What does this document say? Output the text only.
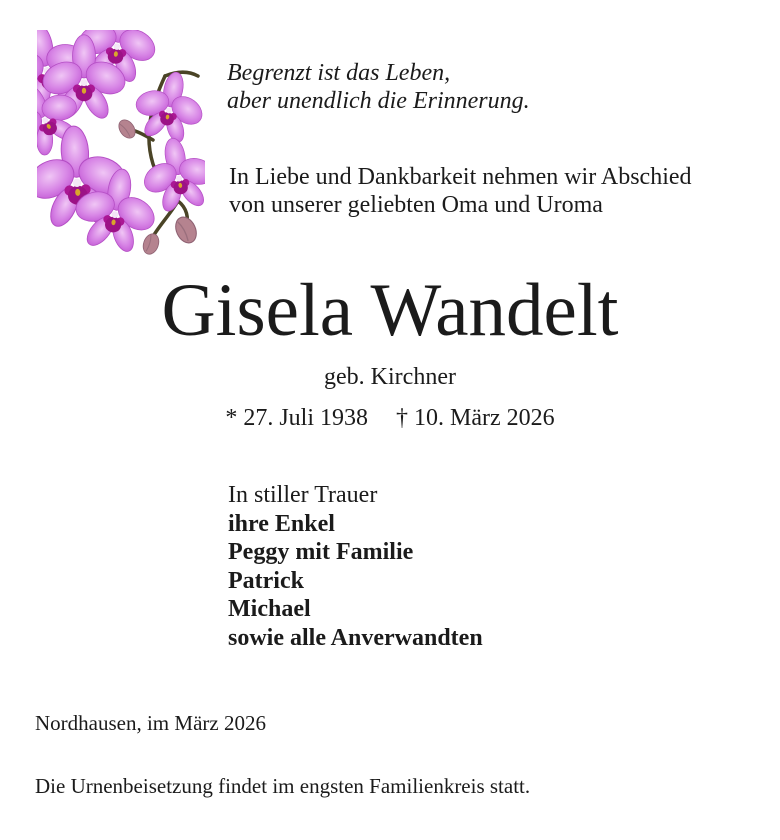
Begrenzt ist das Leben,
aber unendlich die Erinnerung.
In Liebe und Dankbarkeit nehmen wir Abschied
von unserer geliebten Oma und Uroma
Gisela Wandelt
geb. Kirchner
* 27. Juli 1938 † 10. März 2026
In stiller Trauer
ihre Enkel
Peggy mit Familie
Patrick
Michael
sowie alle Anverwandten
Nordhausen, im März 2026
Die Urnenbeisetzung findet im engsten Familienkreis statt.
